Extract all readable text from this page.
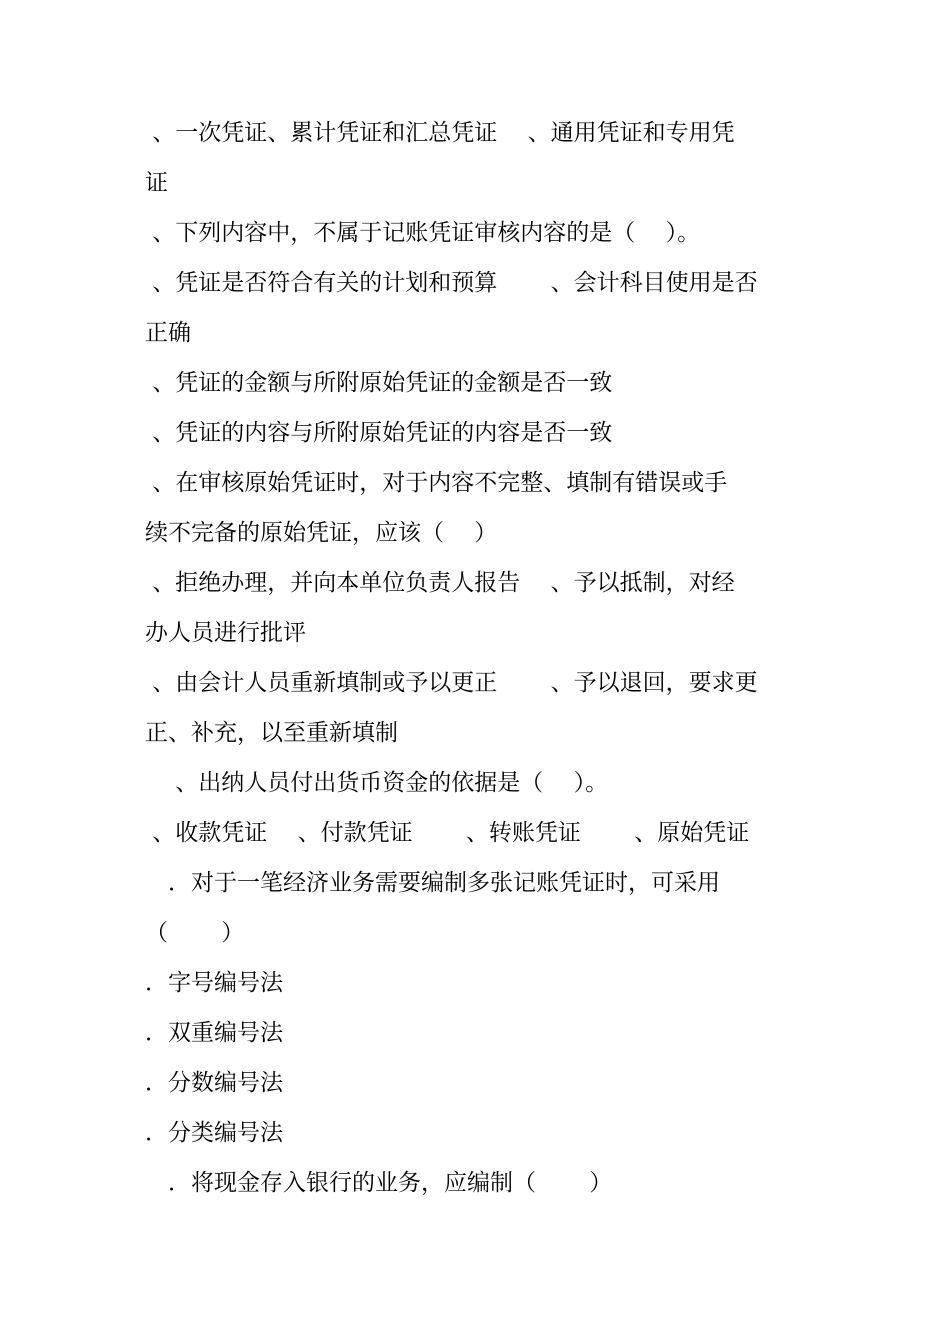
、一次凭证、累计凭证和汇总凭证　 、通用凭证和专用凭
证
、下列内容中，不属于记账凭证审核内容的是（　 ）。
、凭证是否符合有关的计划和预算　　 、会计科目使用是否
正确
、凭证的金额与所附原始凭证的金额是否一致
、凭证的内容与所附原始凭证的内容是否一致
、在审核原始凭证时，对于内容不完整、填制有错误或手
续不完备的原始凭证，应该（　 ）
、拒绝办理，并向本单位负责人报告　 、予以抵制，对经
办人员进行批评
、由会计人员重新填制或予以更正　　 、予以退回，要求更
正、补充，以至重新填制
　 、出纳人员付出货币资金的依据是（　 ）。
、收款凭证　 、付款凭证　　 、转账凭证　　 、原始凭证
　．对于一笔经济业务需要编制多张记账凭证时，可采用
（　　 ）
．字号编号法
．双重编号法
．分数编号法
．分类编号法
　．将现金存入银行的业务，应编制（　　 ）
